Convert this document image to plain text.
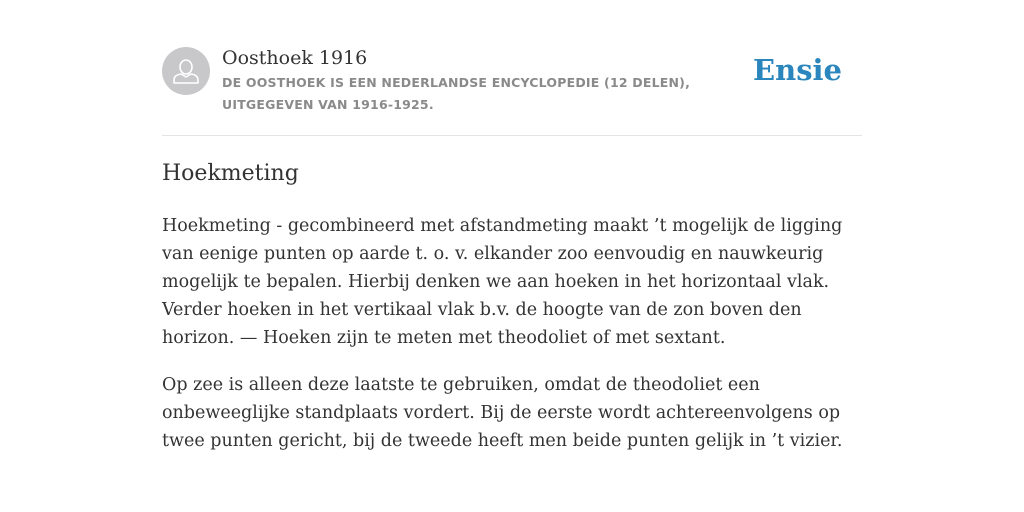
Oosthoek 1916
DE OOSTHOEK IS EEN NEDERLANDSE ENCYCLOPEDIE (12 DELEN), UITGEGEVEN VAN 1916-1925.
Ensie
Hoekmeting

Hoekmeting - gecombineerd met afstandmeting maakt ’t mogelijk de ligging van eenige punten op aarde t. o. v. elkander zoo eenvoudig en nauwkeurig mogelijk te bepalen. Hierbij denken we aan hoeken in het horizontaal vlak. Verder hoeken in het vertikaal vlak b.v. de hoogte van de zon boven den horizon. — Hoeken zijn te meten met theodoliet of met sextant.

Op zee is alleen deze laatste te gebruiken, omdat de theodoliet een onbeweeglijke standplaats vordert. Bij de eerste wordt achtereenvolgens op twee punten gericht, bij de tweede heeft men beide punten gelijk in ’t vizier.
